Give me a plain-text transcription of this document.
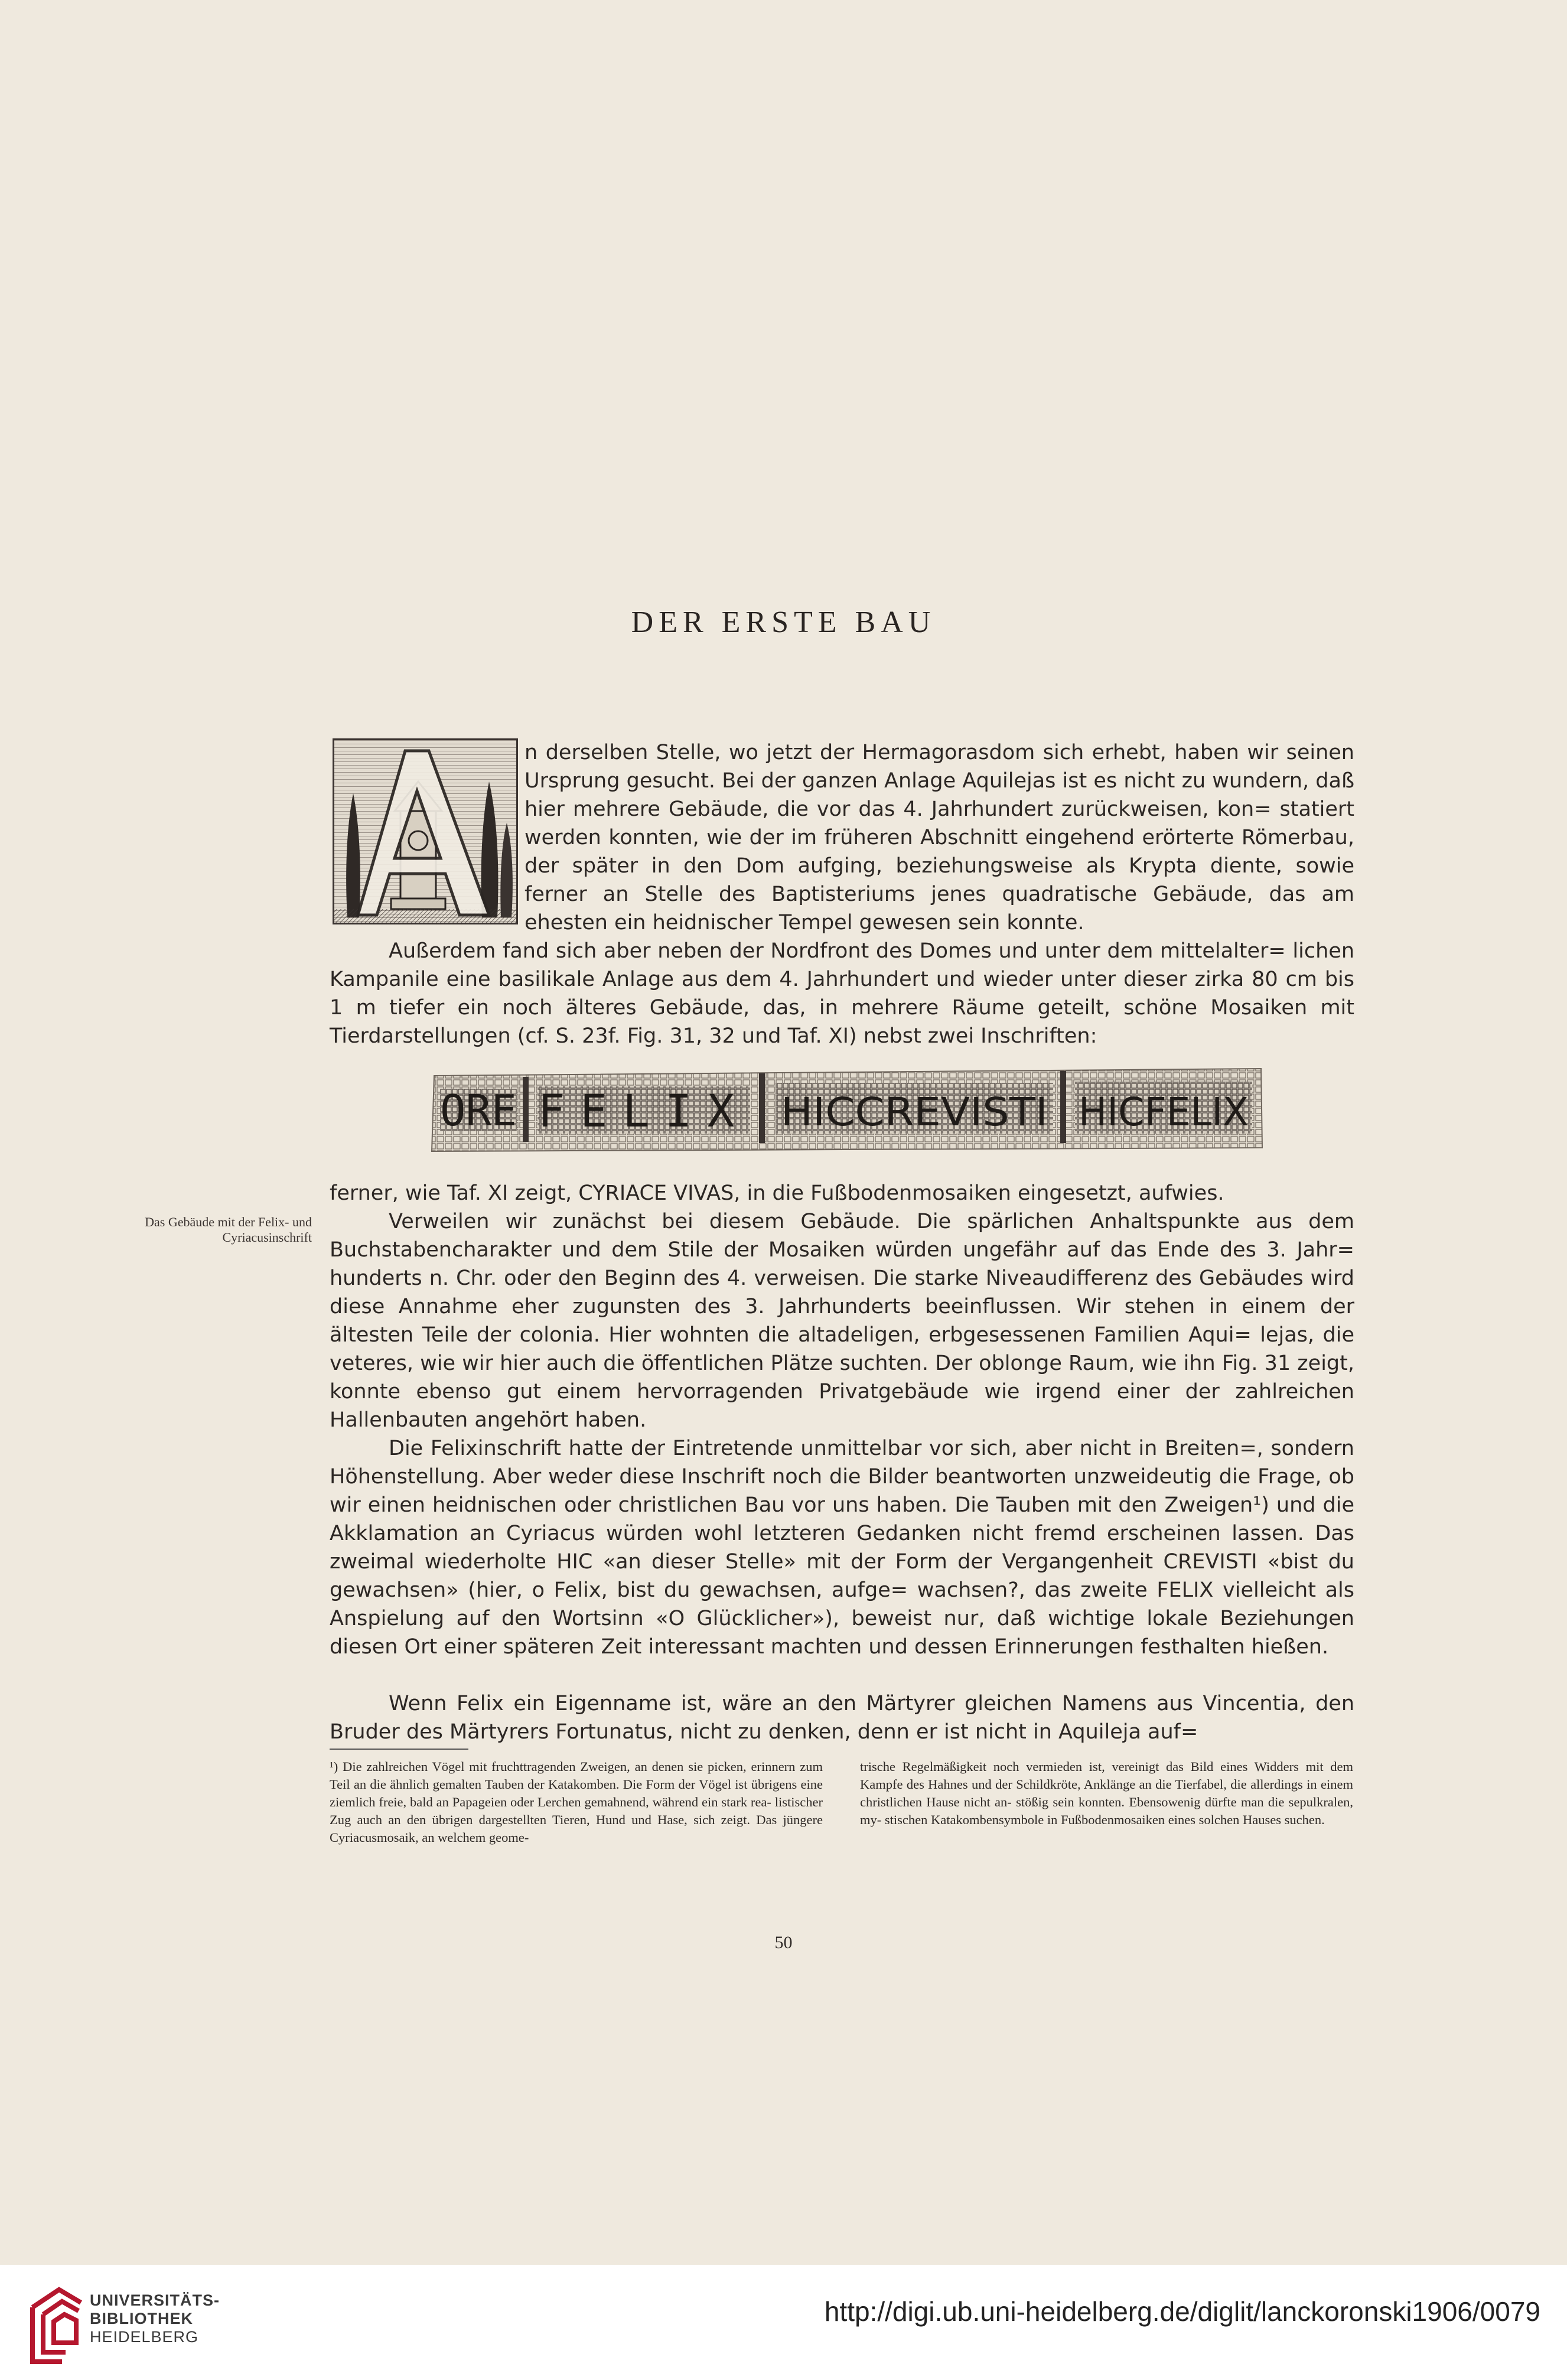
DER ERSTE BAU

n derselben Stelle, wo jetzt der Hermagorasdom sich erhebt, haben wir seinen Ursprung gesucht. Bei der ganzen Anlage Aquilejas ist es nicht zu wundern, daß hier mehrere Gebäude, die vor das 4. Jahrhundert zurückweisen, kon= statiert werden konnten, wie der im früheren Abschnitt eingehend erörterte Römerbau, der später in den Dom aufging, beziehungsweise als Krypta diente, sowie ferner an Stelle des Baptisteriums jenes quadratische Gebäude, das am ehesten ein heidnischer Tempel gewesen sein konnte.

Außerdem fand sich aber neben der Nordfront des Domes und unter dem mittelalter= lichen Kampanile eine basilikale Anlage aus dem 4. Jahrhundert und wieder unter dieser zirka 80 cm bis 1 m tiefer ein noch älteres Gebäude, das, in mehrere Räume geteilt, schöne Mosaiken mit Tierdarstellungen (cf. S. 23f. Fig. 31, 32 und Taf. XI) nebst zwei Inschriften:

ORE FELIX HICCREVISTI HICFELIX

ferner, wie Taf. XI zeigt, CYRIACE VIVAS, in die Fußbodenmosaiken eingesetzt, aufwies.

Das Gebäude mit der Felix- und Cyriacusinschrift

Verweilen wir zunächst bei diesem Gebäude. Die spärlichen Anhaltspunkte aus dem Buchstabencharakter und dem Stile der Mosaiken würden ungefähr auf das Ende des 3. Jahr= hunderts n. Chr. oder den Beginn des 4. verweisen. Die starke Niveaudifferenz des Gebäudes wird diese Annahme eher zugunsten des 3. Jahrhunderts beeinflussen. Wir stehen in einem der ältesten Teile der colonia. Hier wohnten die altadeligen, erbgesessenen Familien Aqui= lejas, die veteres, wie wir hier auch die öffentlichen Plätze suchten. Der oblonge Raum, wie ihn Fig. 31 zeigt, konnte ebenso gut einem hervorragenden Privatgebäude wie irgend einer der zahlreichen Hallenbauten angehört haben.

Die Felixinschrift hatte der Eintretende unmittelbar vor sich, aber nicht in Breiten=, sondern Höhenstellung. Aber weder diese Inschrift noch die Bilder beantworten unzweideutig die Frage, ob wir einen heidnischen oder christlichen Bau vor uns haben. Die Tauben mit den Zweigen¹) und die Akklamation an Cyriacus würden wohl letzteren Gedanken nicht fremd erscheinen lassen. Das zweimal wiederholte HIC «an dieser Stelle» mit der Form der Vergangenheit CREVISTI «bist du gewachsen» (hier, o Felix, bist du gewachsen, aufge= wachsen?, das zweite FELIX vielleicht als Anspielung auf den Wortsinn «O Glücklicher»), beweist nur, daß wichtige lokale Beziehungen diesen Ort einer späteren Zeit interessant machten und dessen Erinnerungen festhalten hießen.

Wenn Felix ein Eigenname ist, wäre an den Märtyrer gleichen Namens aus Vincentia, den Bruder des Märtyrers Fortunatus, nicht zu denken, denn er ist nicht in Aquileja auf=

¹) Die zahlreichen Vögel mit fruchttragenden Zweigen, an denen sie picken, erinnern zum Teil an die ähnlich gemalten Tauben der Katakomben. Die Form der Vögel ist übrigens eine ziemlich freie, bald an Papageien oder Lerchen gemahnend, während ein stark rea- listischer Zug auch an den übrigen dargestellten Tieren, Hund und Hase, sich zeigt. Das jüngere Cyriacusmosaik, an welchem geome-

trische Regelmäßigkeit noch vermieden ist, vereinigt das Bild eines Widders mit dem Kampfe des Hahnes und der Schildkröte, Anklänge an die Tierfabel, die allerdings in einem christlichen Hause nicht an- stößig sein konnten. Ebensowenig dürfte man die sepulkralen, my- stischen Katakombensymbole in Fußbodenmosaiken eines solchen Hauses suchen.

50
UNIVERSITÄTS-
BIBLIOTHEK
HEIDELBERG
http://digi.ub.uni-heidelberg.de/diglit/lanckoronski1906/0079
